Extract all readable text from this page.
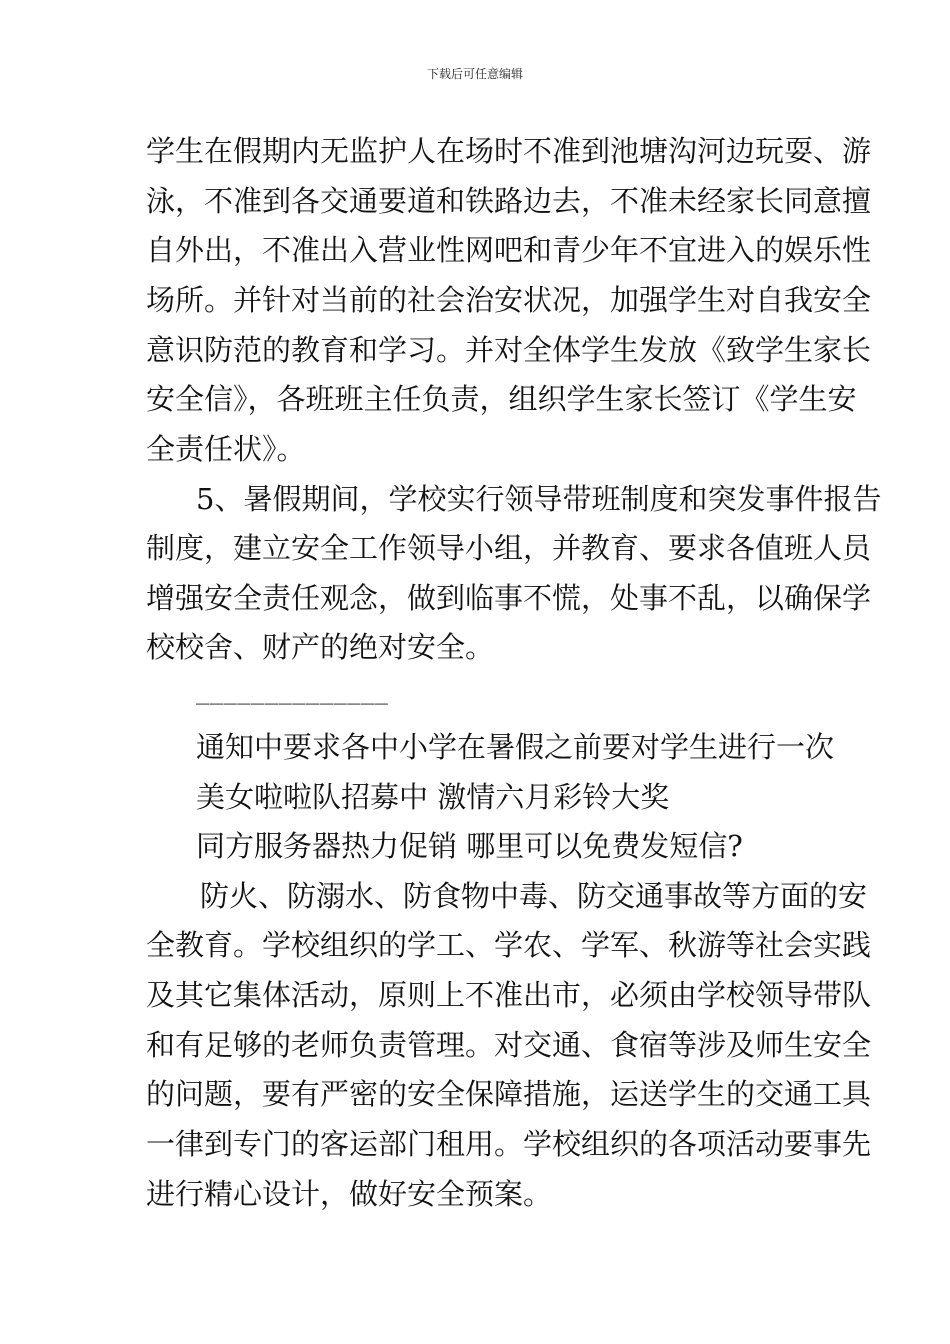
下载后可任意编辑
学生在假期内无监护人在场时不准到池塘沟河边玩耍、游
泳，不准到各交通要道和铁路边去，不准未经家长同意擅
自外出，不准出入营业性网吧和青少年不宜进入的娱乐性
场所。并针对当前的社会治安状况，加强学生对自我安全
意识防范的教育和学习。并对全体学生发放《致学生家长
安全信》，各班班主任负责，组织学生家长签订《学生安
全责任状》。
5、暑假期间，学校实行领导带班制度和突发事件报告
制度，建立安全工作领导小组，并教育、要求各值班人员
增强安全责任观念，做到临事不慌，处事不乱，以确保学
校校舍、财产的绝对安全。
______________
通知中要求各中小学在暑假之前要对学生进行一次
美女啦啦队招募中 激情六月彩铃大奖
同方服务器热力促销 哪里可以免费发短信?
防火、防溺水、防食物中毒、防交通事故等方面的安
全教育。学校组织的学工、学农、学军、秋游等社会实践
及其它集体活动，原则上不准出市，必须由学校领导带队
和有足够的老师负责管理。对交通、食宿等涉及师生安全
的问题，要有严密的安全保障措施，运送学生的交通工具
一律到专门的客运部门租用。学校组织的各项活动要事先
进行精心设计，做好安全预案。
